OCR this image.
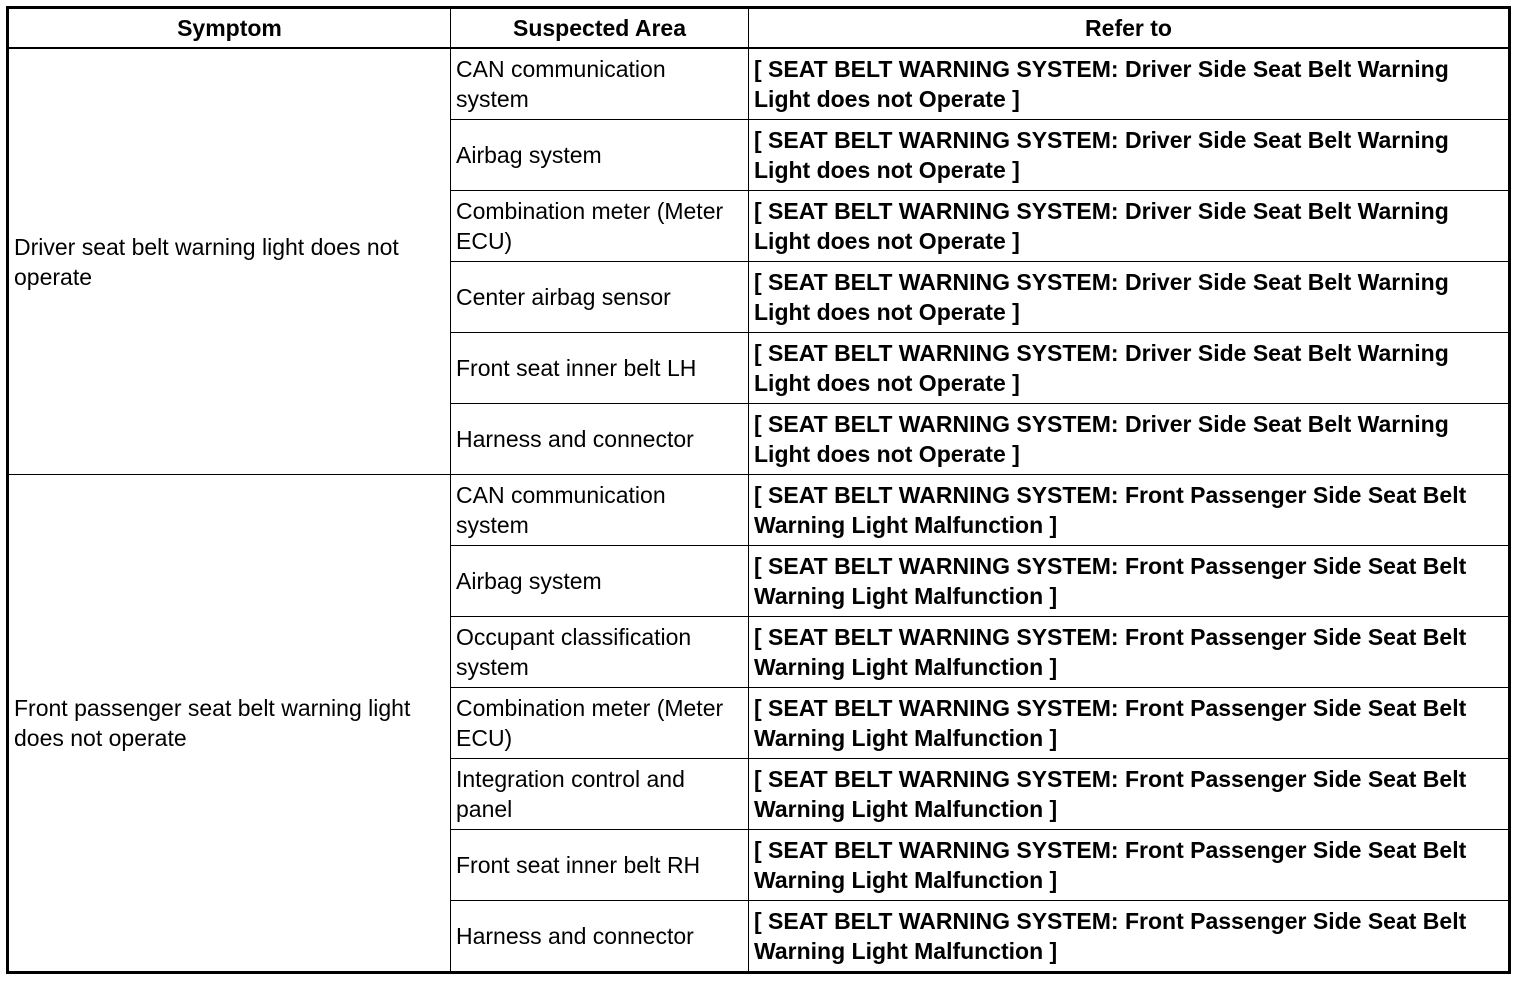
Symptom	Suspected Area	Refer to
Driver seat belt warning light does not operate	CAN communication system	[ SEAT BELT WARNING SYSTEM: Driver Side Seat Belt Warning Light does not Operate ]
	Airbag system	[ SEAT BELT WARNING SYSTEM: Driver Side Seat Belt Warning Light does not Operate ]
	Combination meter (Meter ECU)	[ SEAT BELT WARNING SYSTEM: Driver Side Seat Belt Warning Light does not Operate ]
	Center airbag sensor	[ SEAT BELT WARNING SYSTEM: Driver Side Seat Belt Warning Light does not Operate ]
	Front seat inner belt LH	[ SEAT BELT WARNING SYSTEM: Driver Side Seat Belt Warning Light does not Operate ]
	Harness and connector	[ SEAT BELT WARNING SYSTEM: Driver Side Seat Belt Warning Light does not Operate ]
Front passenger seat belt warning light does not operate	CAN communication system	[ SEAT BELT WARNING SYSTEM: Front Passenger Side Seat Belt Warning Light Malfunction ]
	Airbag system	[ SEAT BELT WARNING SYSTEM: Front Passenger Side Seat Belt Warning Light Malfunction ]
	Occupant classification system	[ SEAT BELT WARNING SYSTEM: Front Passenger Side Seat Belt Warning Light Malfunction ]
	Combination meter (Meter ECU)	[ SEAT BELT WARNING SYSTEM: Front Passenger Side Seat Belt Warning Light Malfunction ]
	Integration control and panel	[ SEAT BELT WARNING SYSTEM: Front Passenger Side Seat Belt Warning Light Malfunction ]
	Front seat inner belt RH	[ SEAT BELT WARNING SYSTEM: Front Passenger Side Seat Belt Warning Light Malfunction ]
	Harness and connector	[ SEAT BELT WARNING SYSTEM: Front Passenger Side Seat Belt Warning Light Malfunction ]
